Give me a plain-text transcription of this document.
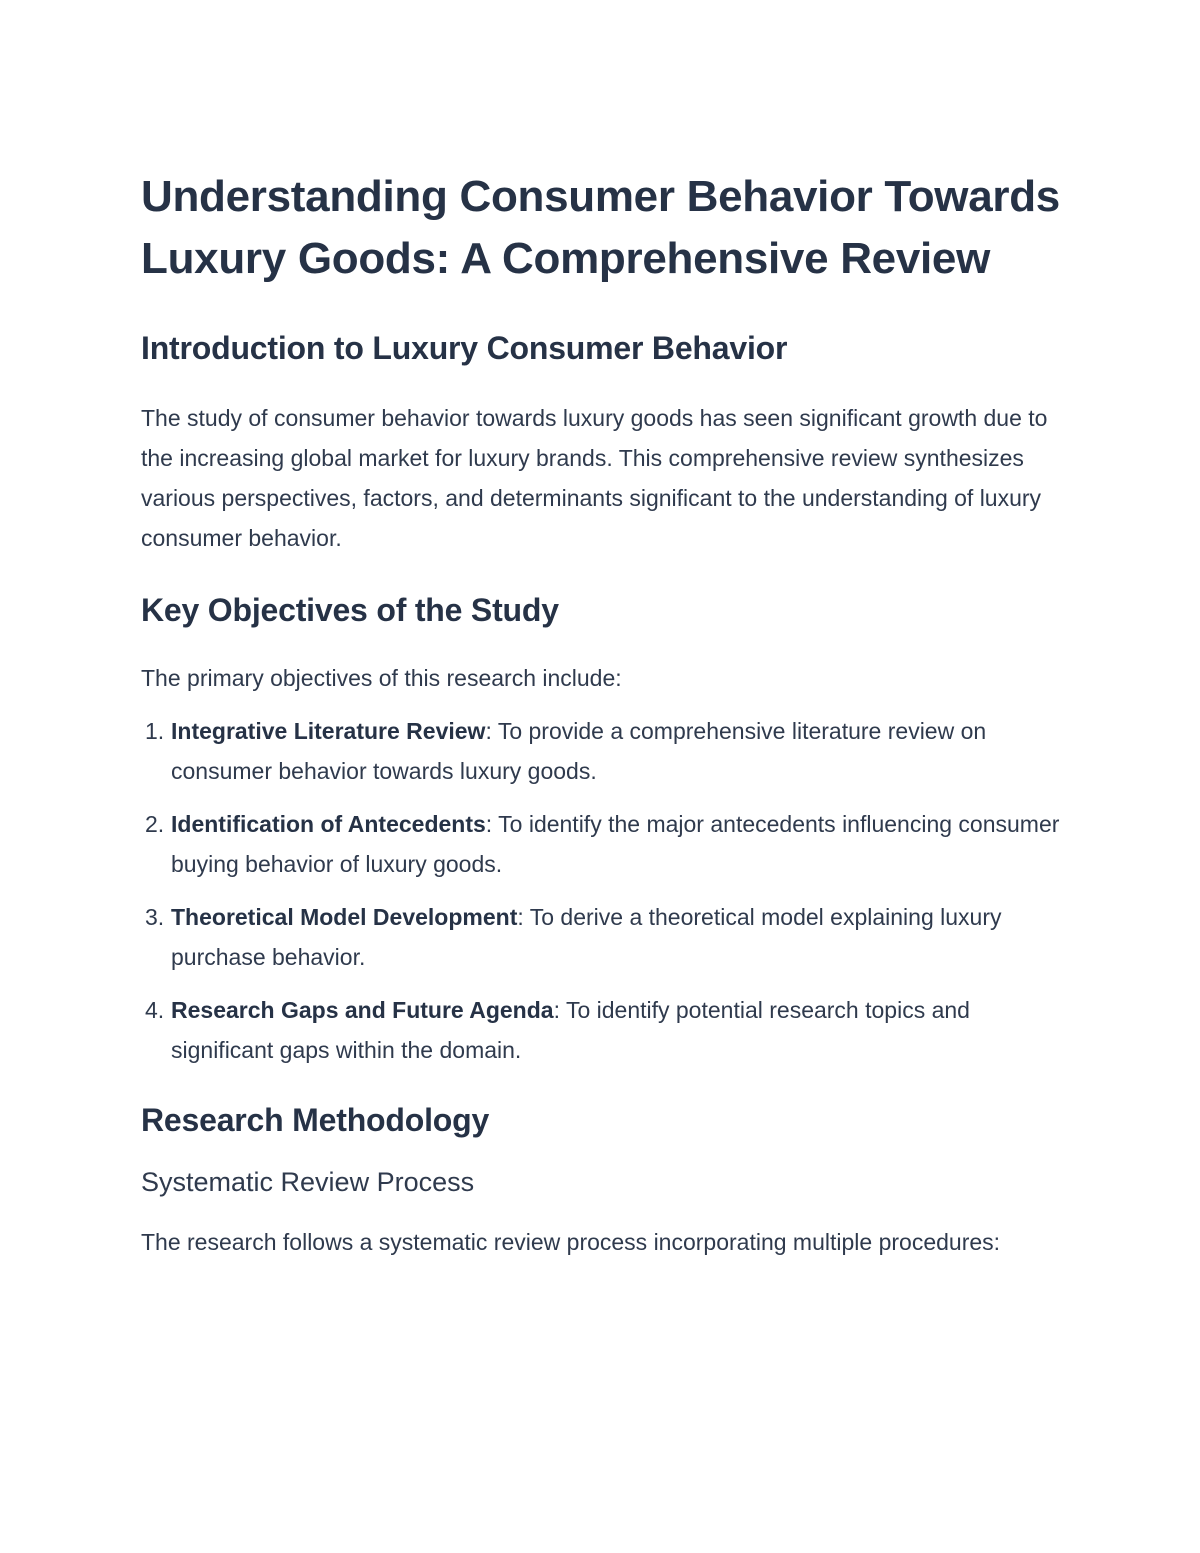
Understanding Consumer Behavior Towards Luxury Goods: A Comprehensive Review
Introduction to Luxury Consumer Behavior

The study of consumer behavior towards luxury goods has seen significant growth due to the increasing global market for luxury brands. This comprehensive review synthesizes various perspectives, factors, and determinants significant to the understanding of luxury consumer behavior.

Key Objectives of the Study

The primary objectives of this research include:

1. Integrative Literature Review: To provide a comprehensive literature review on consumer behavior towards luxury goods.
2. Identification of Antecedents: To identify the major antecedents influencing consumer buying behavior of luxury goods.
3. Theoretical Model Development: To derive a theoretical model explaining luxury purchase behavior.
4. Research Gaps and Future Agenda: To identify potential research topics and significant gaps within the domain.
Research Methodology
Systematic Review Process

The research follows a systematic review process incorporating multiple procedures:
